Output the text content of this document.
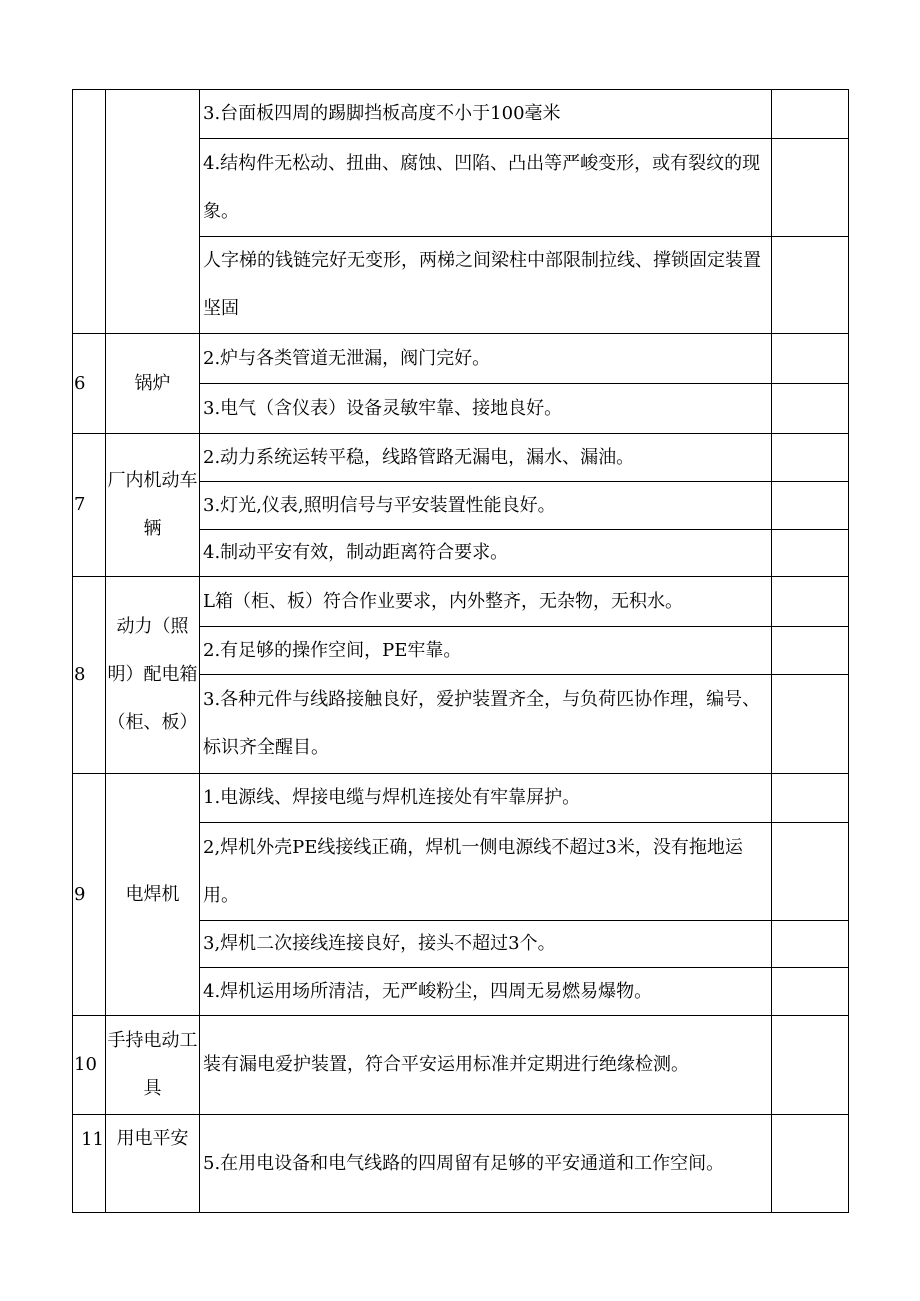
		3.台面板四周的踢脚挡板高度不小于100毫米	

		4.结构件无松动、扭曲、腐蚀、凹陷、凸出等严峻变形，或有裂纹的现象。	

		人字梯的钱链完好无变形，两梯之间梁柱中部限制拉线、撑锁固定装置坚固	

6	锅炉	2.炉与各类管道无泄漏，阀门完好。	

		3.电气（含仪表）设备灵敏牢靠、接地良好。	

7	厂内机动车辆	2.动力系统运转平稳，线路管路无漏电，漏水、漏油。	

		3.灯光,仪表,照明信号与平安装置性能良好。	

		4.制动平安有效，制动距离符合要求。	

8	动力（照明）配电箱（柜、板）	L箱（柜、板）符合作业要求，内外整齐，无杂物，无积水。	

		2.有足够的操作空间，PE牢靠。	

		3.各种元件与线路接触良好，爱护装置齐全，与负荷匹协作理，编号、标识齐全醒目。	

9	电焊机	1.电源线、焊接电缆与焊机连接处有牢靠屏护。	

		2,焊机外壳PE线接线正确，焊机一侧电源线不超过3米，没有拖地运用。	

		3,焊机二次接线连接良好，接头不超过3个。	

		4.焊机运用场所清洁，无严峻粉尘，四周无易燃易爆物。	

10	手持电动工具	装有漏电爱护装置，符合平安运用标准并定期进行绝缘检测。	

11	用电平安	5.在用电设备和电气线路的四周留有足够的平安通道和工作空间。	
